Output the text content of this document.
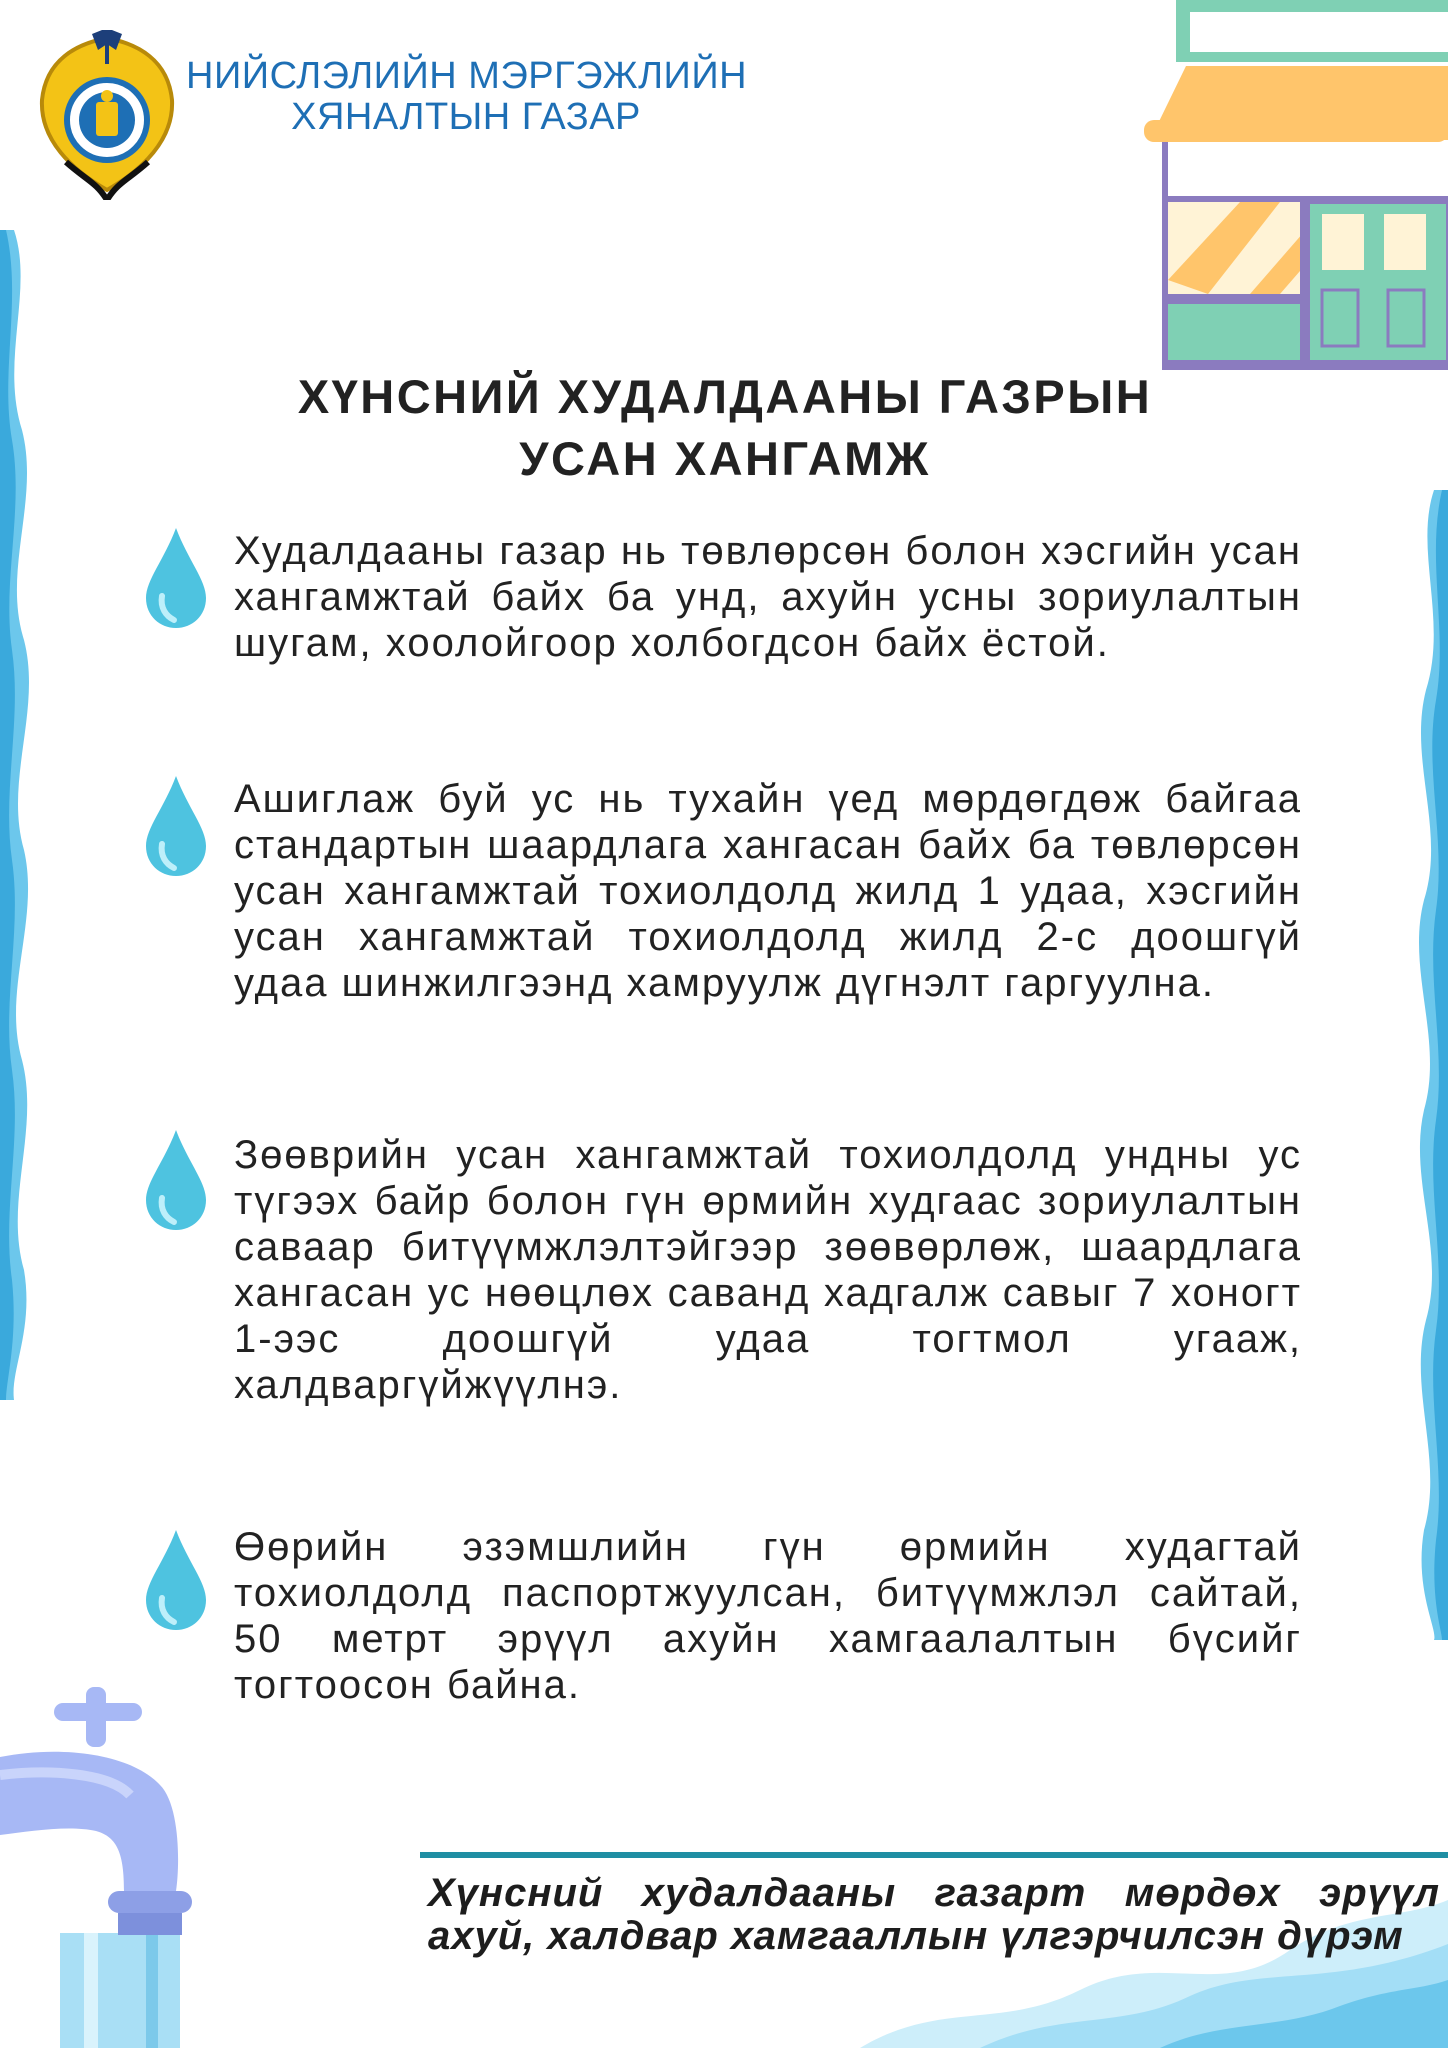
НИЙСЛЭЛИЙН МЭРГЭЖЛИЙН
ХЯНАЛТЫН ГАЗАР
ХҮНСНИЙ ХУДАЛДААНЫ ГАЗРЫН
УСАН ХАНГАМЖ
Худалдааны газар нь төвлөрсөн болон хэсгийн усан хангамжтай байх ба унд, ахуйн усны зориулалтын шугам, хоолойгоор холбогдсон байх ёстой.
Ашиглаж буй ус нь тухайн үед мөрдөгдөж байгаа стандартын шаардлага хангасан байх ба төвлөрсөн усан хангамжтай тохиолдолд жилд 1 удаа, хэсгийн усан хангамжтай тохиолдолд жилд 2-с доошгүй удаа шинжилгээнд хамруулж дүгнэлт гаргуулна.
Зөөврийн усан хангамжтай тохиолдолд ундны ус түгээх байр болон гүн өрмийн худгаас зориулалтын саваар битүүмжлэлтэйгээр зөөвөрлөж, шаардлага хангасан ус нөөцлөх саванд хадгалж савыг 7 хоногт 1-ээс доошгүй удаа тогтмол угааж, халдваргүйжүүлнэ.
Өөрийн эзэмшлийн гүн өрмийн худагтай тохиолдолд паспортжуулсан, битүүмжлэл сайтай, 50 метрт эрүүл ахуйн хамгаалалтын бүсийг тогтоосон байна.
Хүнсний худалдааны газарт мөрдөх эрүүл ахуй, халдвар хамгааллын үлгэрчилсэн дүрэм
